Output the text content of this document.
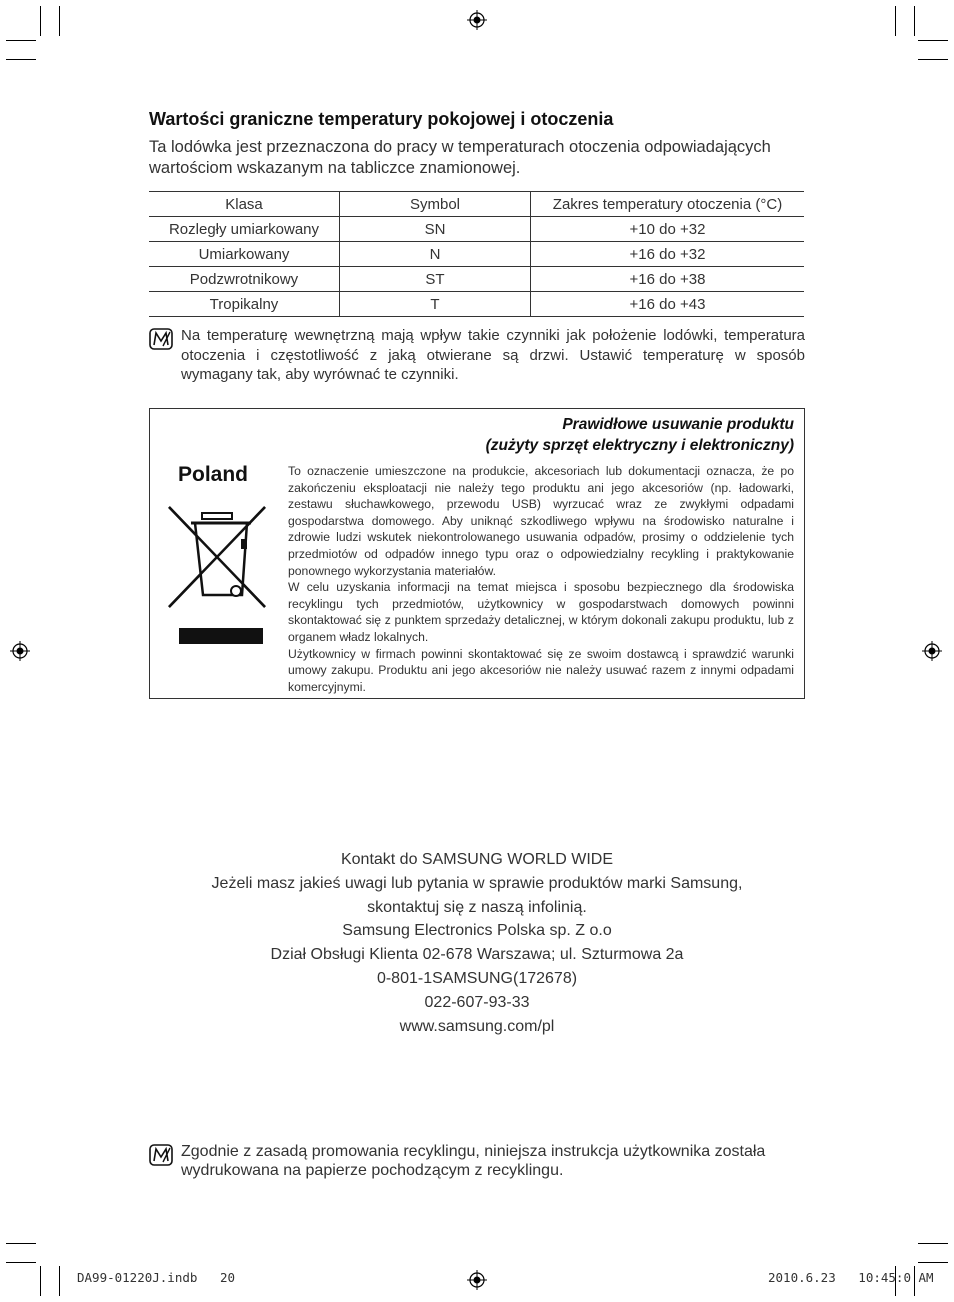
Wartości graniczne temperatury pokojowej i otoczenia
Ta lodówka jest przeznaczona do pracy w temperaturach otoczenia odpowiadających wartościom wskazanym na tabliczce znamionowej.
Klasa	Symbol	Zakres temperatury otoczenia (°C)
Rozległy umiarkowany	SN	+10 do +32
Umiarkowany	N	+16 do +32
Podzwrotnikowy	ST	+16 do +38
Tropikalny	T	+16 do +43
Na temperaturę wewnętrzną mają wpływ takie czynniki jak położenie lodówki, temperatura otoczenia i częstotliwość z jaką otwierane są drzwi. Ustawić temperaturę w sposób wymagany tak, aby wyrównać te czynniki.
Prawidłowe usuwanie produktu
(zużyty sprzęt elektryczny i elektroniczny)
Poland	To oznaczenie umieszczone na produkcie, akcesoriach lub dokumentacji oznacza, że po zakończeniu eksploatacji nie należy tego produktu ani jego akcesoriów (np. ładowarki, zestawu słuchawkowego, przewodu USB) wyrzucać wraz ze zwykłymi odpadami gospodarstwa domowego. Aby uniknąć szkodliwego wpływu na środowisko naturalne i zdrowie ludzi wskutek niekontrolowanego usuwania odpadów, prosimy o oddzielenie tych przedmiotów od odpadów innego typu oraz o odpowiedzialny recykling i praktykowanie ponownego wykorzystania materiałów.

W celu uzyskania informacji na temat miejsca i sposobu bezpiecznego dla środowiska recyklingu tych przedmiotów, użytkownicy w gospodarstwach domowych powinni skontaktować się z punktem sprzedaży detalicznej, w którym dokonali zakupu produktu, lub z organem władz lokalnych.

Użytkownicy w firmach powinni skontaktować się ze swoim dostawcą i sprawdzić warunki umowy zakupu. Produktu ani jego akcesoriów nie należy usuwać razem z innymi odpadami komercyjnymi.

Kontakt do SAMSUNG WORLD WIDE
Jeżeli masz jakieś uwagi lub pytania w sprawie produktów marki Samsung,
skontaktuj się z naszą infolinią.
Samsung Electronics Polska sp. Z o.o
Dział Obsługi Klienta 02-678 Warszawa; ul. Szturmowa 2a
0-801-1SAMSUNG(172678)
022-607-93-33
www.samsung.com/pl
Zgodnie z zasadą promowania recyklingu, niniejsza instrukcja użytkownika została wydrukowana na papierze pochodzącym z recyklingu.
DA99-01220J.indb   20	2010.6.23   10:45:0 AM
